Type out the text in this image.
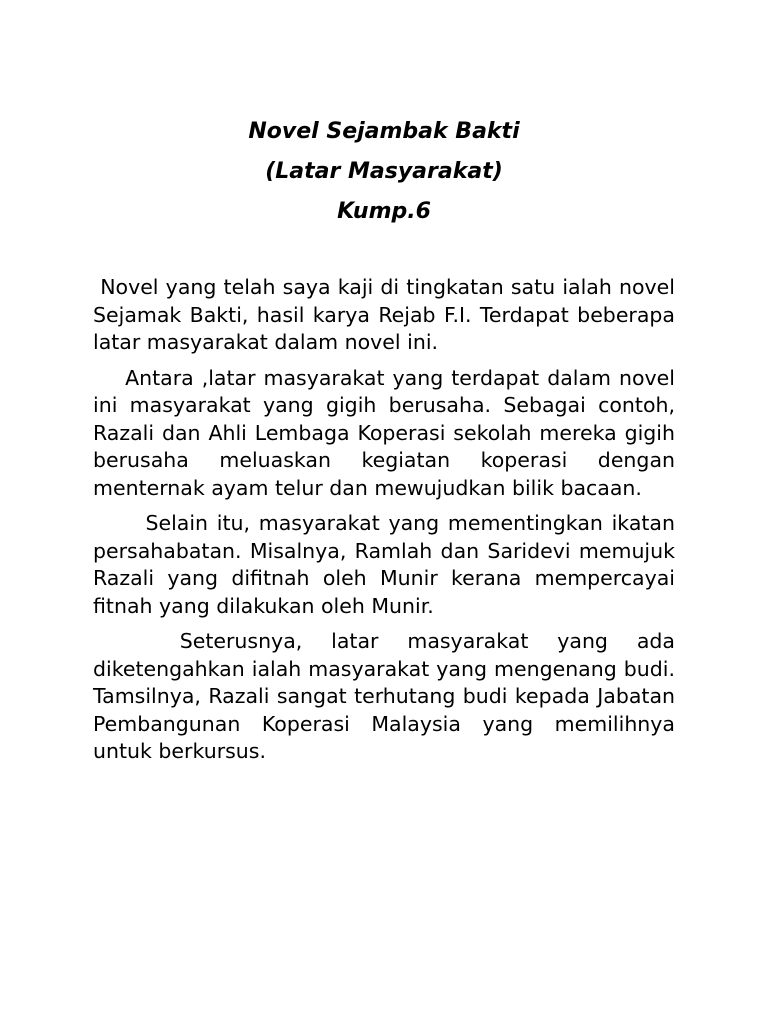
Novel Sejambak Bakti

(Latar Masyarakat)

Kump.6

Novel yang telah saya kaji di tingkatan satu ialah novel Sejamak Bakti, hasil karya Rejab F.I. Terdapat beberapa latar masyarakat dalam novel ini.

Antara ,latar masyarakat yang terdapat dalam novel ini masyarakat yang gigih berusaha. Sebagai contoh, Razali dan Ahli Lembaga Koperasi sekolah mereka gigih berusaha meluaskan kegiatan koperasi dengan menternak ayam telur dan mewujudkan bilik bacaan.

Selain itu, masyarakat yang mementingkan ikatan persahabatan. Misalnya, Ramlah dan Saridevi memujuk Razali yang difitnah oleh Munir kerana mempercayai fitnah yang dilakukan oleh Munir.

Seterusnya, latar masyarakat yang ada diketengahkan ialah masyarakat yang mengenang budi. Tamsilnya, Razali sangat terhutang budi kepada Jabatan Pembangunan Koperasi Malaysia yang memilihnya untuk berkursus.
